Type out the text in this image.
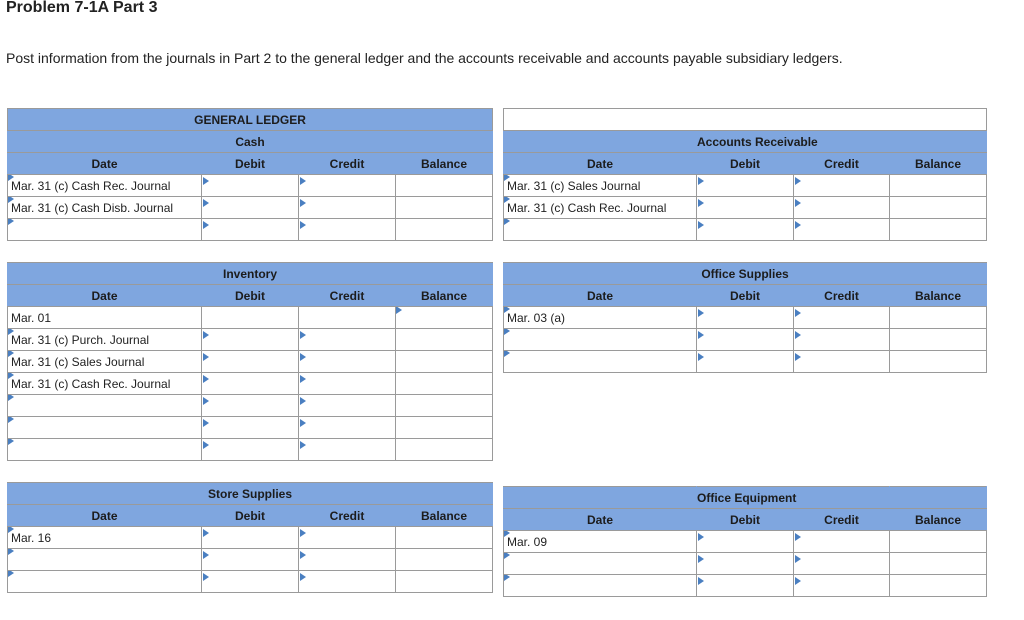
Problem 7-1A Part 3
Post information from the journals in Part 2 to the general ledger and the accounts receivable and accounts payable subsidiary ledgers.
GENERAL LEDGER			
	Cash		
Date	Debit	Credit	Balance

Mar. 31 (c) Cash Rec. Journal	

Mar. 31 (c) Cash Disb. Journal	

	Inventory		
Date	Debit	Credit	Balance
Mar. 01			

Mar. 31 (c) Purch. Journal	

Mar. 31 (c) Sales Journal	

Mar. 31 (c) Cash Rec. Journal	

	Store Supplies		
Date	Debit	Credit	Balance

Mar. 16	

	Accounts Receivable		
Date	Debit	Credit	Balance

Mar. 31 (c) Sales Journal	

Mar. 31 (c) Cash Rec. Journal	

	Office Supplies		
Date	Debit	Credit	Balance

Mar. 03 (a)	

	Office Equipment		
Date	Debit	Credit	Balance

Mar. 09	
